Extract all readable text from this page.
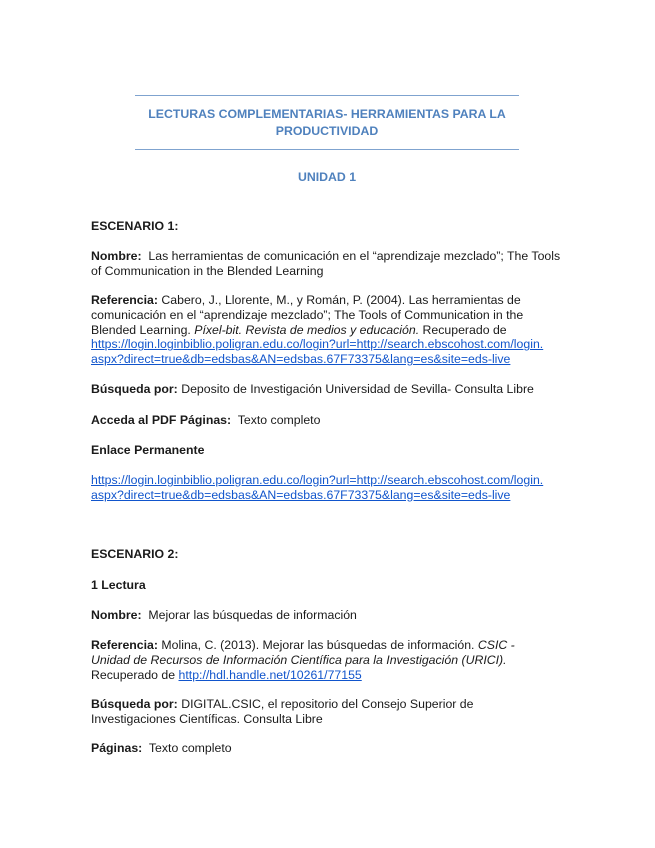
LECTURAS COMPLEMENTARIAS- HERRAMIENTAS PARA LA
PRODUCTIVIDAD
UNIDAD 1
ESCENARIO 1:
Nombre: Las herramientas de comunicación en el “aprendizaje mezclado”; The Tools of Communication in the Blended Learning
Referencia: Cabero, J., Llorente, M., y Román, P. (2004). Las herramientas de
comunicación en el “aprendizaje mezclado”; The Tools of Communication in the
Blended Learning. Píxel-bit. Revista de medios y educación. Recuperado de
https://login.loginbiblio.poligran.edu.co/login?url=http://search.ebscohost.com/login.
aspx?direct=true&db=edsbas&AN=edsbas.67F73375&lang=es&site=eds-live
Búsqueda por: Deposito de Investigación Universidad de Sevilla- Consulta Libre
Acceda al PDF Páginas: Texto completo
Enlace Permanente
https://login.loginbiblio.poligran.edu.co/login?url=http://search.ebscohost.com/login.
aspx?direct=true&db=edsbas&AN=edsbas.67F73375&lang=es&site=eds-live
ESCENARIO 2:
1 Lectura
Nombre: Mejorar las búsquedas de información
Referencia: Molina, C. (2013). Mejorar las búsquedas de información. CSIC -
Unidad de Recursos de Información Científica para la Investigación (URICI).
Recuperado de http://hdl.handle.net/10261/77155
Búsqueda por: DIGITAL.CSIC, el repositorio del Consejo Superior de
Investigaciones Científicas. Consulta Libre
Páginas: Texto completo
